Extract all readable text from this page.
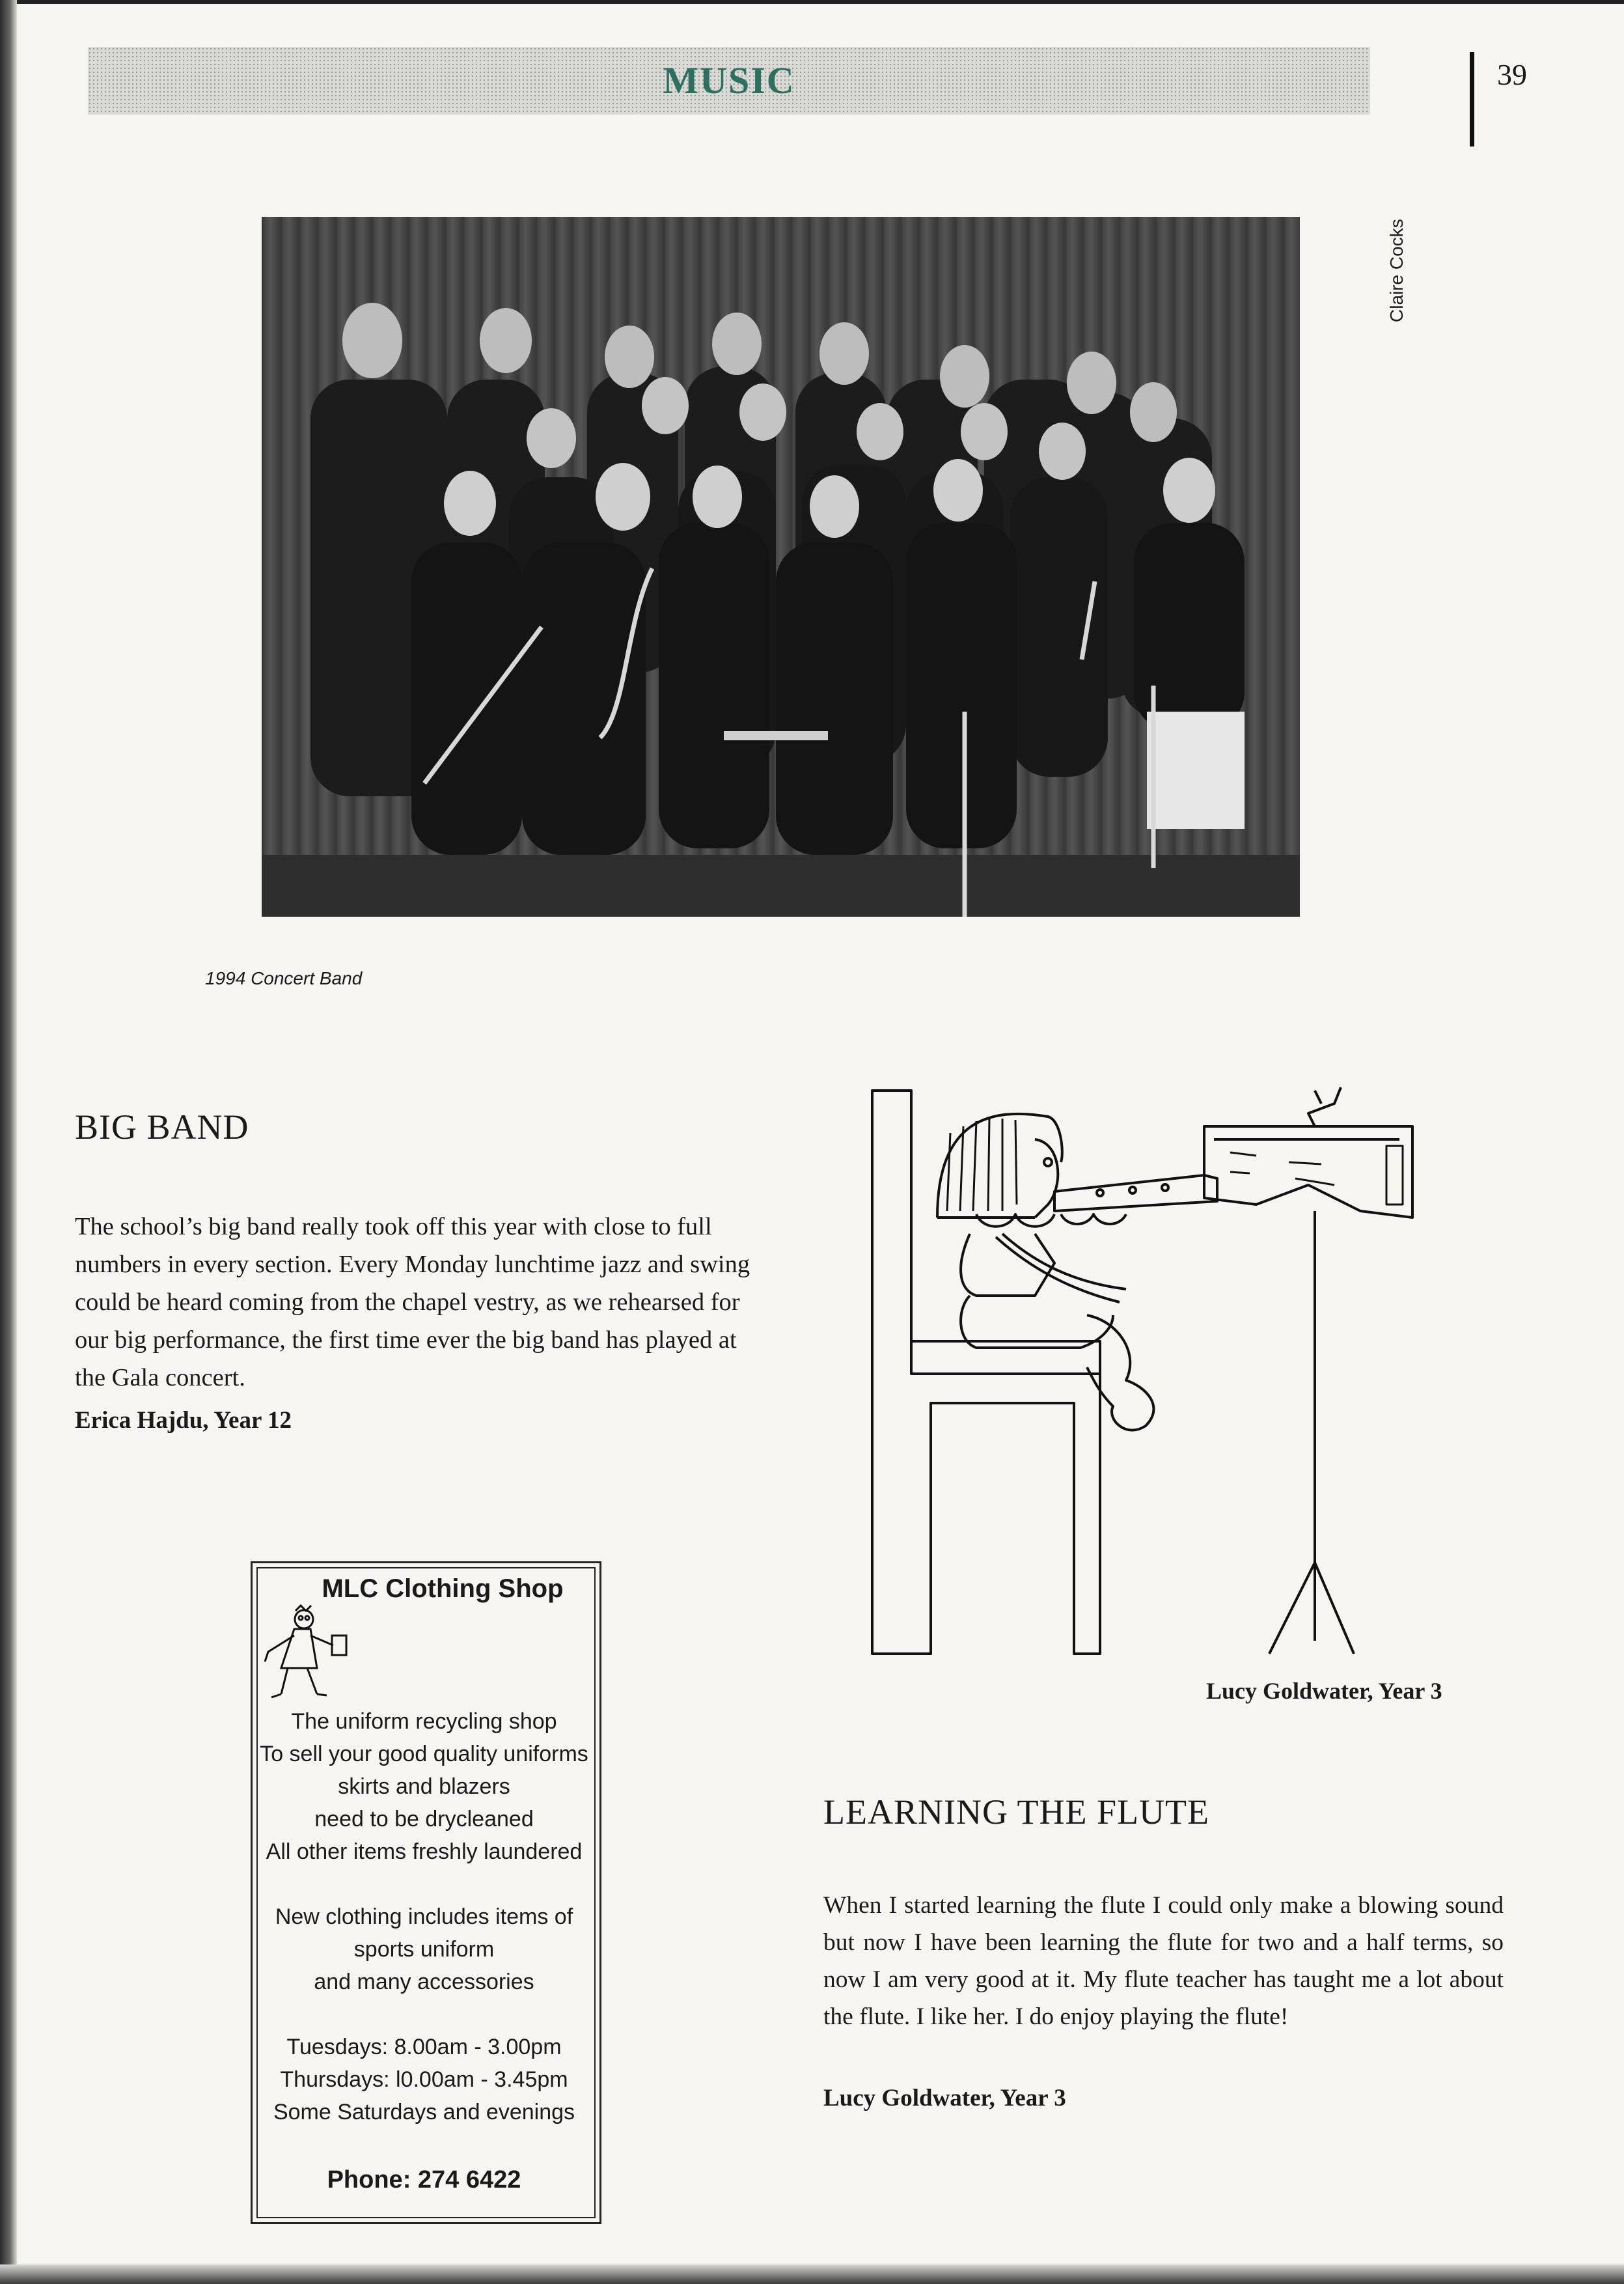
MUSIC	39
Claire Cocks
1994 Concert Band
BIG BAND
The school’s big band really took off this year with close to full numbers in every section. Every Monday lunchtime jazz and swing could be heard coming from the chapel vestry, as we rehearsed for our big performance, the first time ever the big band has played at the Gala concert.
Erica Hajdu, Year 12
MLC Clothing Shop
The uniform recycling shop
To sell your good quality uniforms
skirts and blazers
need to be drycleaned
All other items freshly laundered
New clothing includes items of
sports uniform
and many accessories
Tuesdays: 8.00am - 3.00pm
Thursdays: l0.00am - 3.45pm
Some Saturdays and evenings
Phone: 274 6422
Lucy Goldwater, Year 3
LEARNING THE FLUTE
When I started learning the flute I could only make a blowing sound but now I have been learning the flute for two and a half terms, so now I am very good at it. My flute teacher has taught me a lot about the flute. I like her. I do enjoy playing the flute!
Lucy Goldwater, Year 3
